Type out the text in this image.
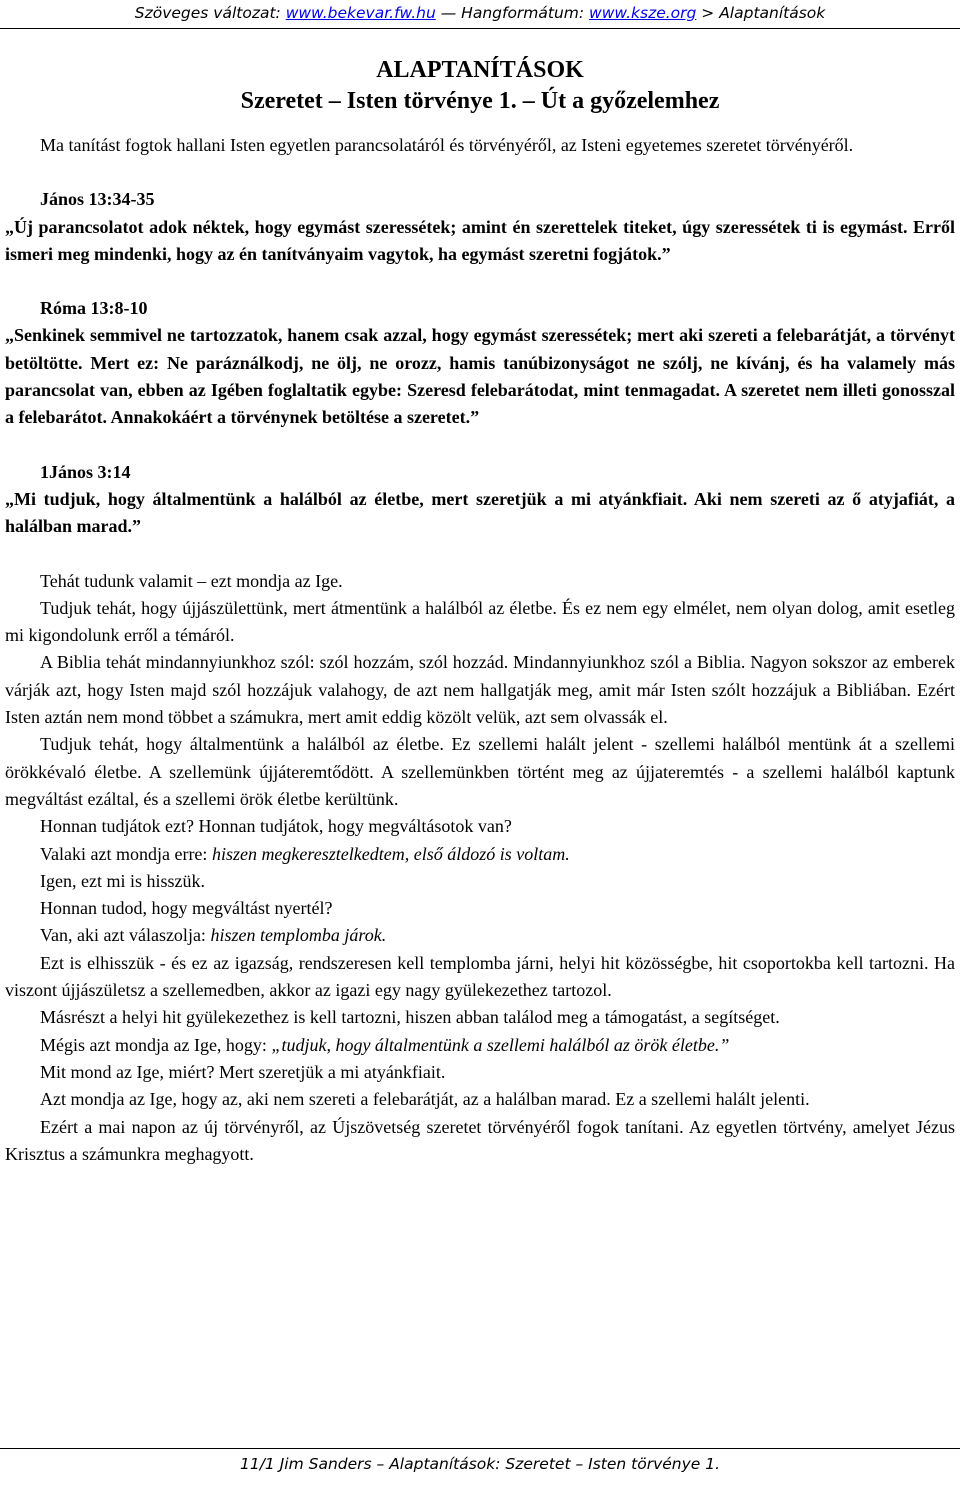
Szöveges változat: www.bekevar.fw.hu — Hangformátum: www.ksze.org > Alaptanítások
ALAPTANÍTÁSOK
Szeretet – Isten törvénye 1. – Út a győzelemhez

Ma tanítást fogtok hallani Isten egyetlen parancsolatáról és törvényéről, az Isteni egyetemes szeretet törvényéről.

János 13:34-35

„Új parancsolatot adok néktek, hogy egymást szeressétek; amint én szerettelek titeket, úgy szeressétek ti is egymást. Erről ismeri meg mindenki, hogy az én tanítványaim vagytok, ha egymást szeretni fogjátok.”

Róma 13:8-10

„Senkinek semmivel ne tartozzatok, hanem csak azzal, hogy egymást szeressétek; mert aki szereti a felebarátját, a törvényt betöltötte. Mert ez: Ne paráználkodj, ne ölj, ne orozz, hamis tanúbizonyságot ne szólj, ne kívánj, és ha valamely más parancsolat van, ebben az Igében foglaltatik egybe: Szeresd felebarátodat, mint tenmagadat. A szeretet nem illeti gonosszal a felebarátot. Annakokáért a törvénynek betöltése a szeretet.”

1János 3:14

„Mi tudjuk, hogy általmentünk a halálból az életbe, mert szeretjük a mi atyánkfiait. Aki nem szereti az ő atyjafiát, a halálban marad.”

Tehát tudunk valamit – ezt mondja az Ige.

Tudjuk tehát, hogy újjászülettünk, mert átmentünk a halálból az életbe. És ez nem egy elmélet, nem olyan dolog, amit esetleg mi kigondolunk erről a témáról.

A Biblia tehát mindannyiunkhoz szól: szól hozzám, szól hozzád. Mindannyiunkhoz szól a Biblia. Nagyon sokszor az emberek várják azt, hogy Isten majd szól hozzájuk valahogy, de azt nem hallgatják meg, amit már Isten szólt hozzájuk a Bibliában. Ezért Isten aztán nem mond többet a számukra, mert amit eddig közölt velük, azt sem olvassák el.

Tudjuk tehát, hogy általmentünk a halálból az életbe. Ez szellemi halált jelent - szellemi halálból mentünk át a szellemi örökkévaló életbe. A szellemünk újjáteremtődött. A szellemünkben történt meg az újjateremtés - a szellemi halálból kaptunk megváltást ezáltal, és a szellemi örök életbe kerültünk.

Honnan tudjátok ezt? Honnan tudjátok, hogy megváltásotok van?

Valaki azt mondja erre: hiszen megkeresztelkedtem, első áldozó is voltam.

Igen, ezt mi is hisszük.

Honnan tudod, hogy megváltást nyertél?

Van, aki azt válaszolja: hiszen templomba járok.

Ezt is elhisszük - és ez az igazság, rendszeresen kell templomba járni, helyi hit közösségbe, hit csoportokba kell tartozni. Ha viszont újjászületsz a szellemedben, akkor az igazi egy nagy gyülekezethez tartozol.

Másrészt a helyi hit gyülekezethez is kell tartozni, hiszen abban találod meg a támogatást, a segítséget.

Mégis azt mondja az Ige, hogy: „tudjuk, hogy általmentünk a szellemi halálból az örök életbe.”

Mit mond az Ige, miért? Mert szeretjük a mi atyánkfiait.

Azt mondja az Ige, hogy az, aki nem szereti a felebarátját, az a halálban marad. Ez a szellemi halált jelenti.

Ezért a mai napon az új törvényről, az Újszövetség szeretet törvényéről fogok tanítani. Az egyetlen törtvény, amelyet Jézus Krisztus a számunkra meghagyott.

11/1 Jim Sanders – Alaptanítások: Szeretet – Isten törvénye 1.
